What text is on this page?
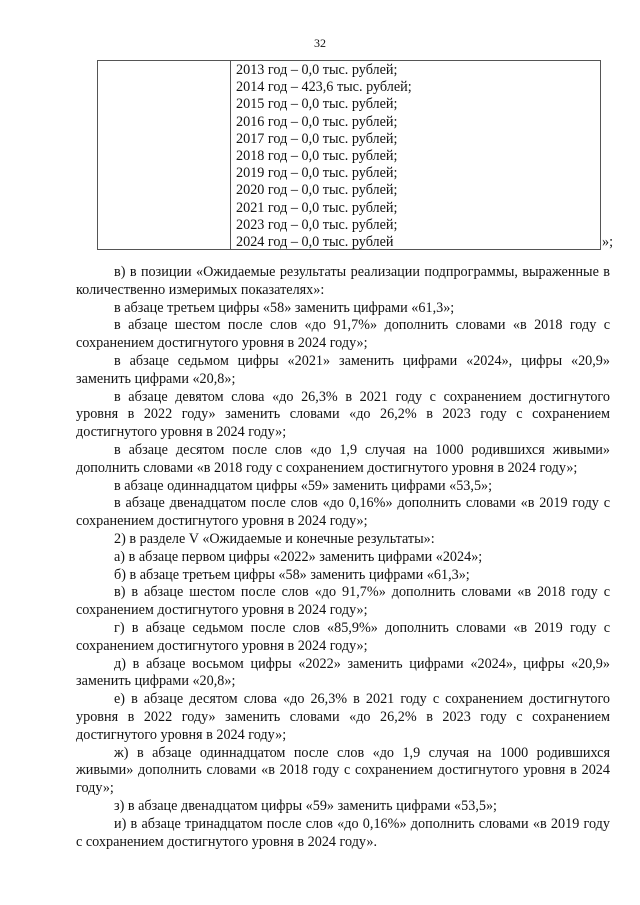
32
2013 год – 0,0 тыс. рублей;
2014 год – 423,6 тыс. рублей;
2015 год – 0,0 тыс. рублей;
2016 год – 0,0 тыс. рублей;
2017 год – 0,0 тыс. рублей;
2018 год – 0,0 тыс. рублей;
2019 год – 0,0 тыс. рублей;
2020 год – 0,0 тыс. рублей;
2021 год – 0,0 тыс. рублей;
2023 год – 0,0 тыс. рублей;
2024 год – 0,0 тыс. рублей	»;

в) в позиции «Ожидаемые результаты реализации подпрограммы, выраженные в количественно измеримых показателях»:

в абзаце третьем цифры «58» заменить цифрами «61,3»;

в абзаце шестом после слов «до 91,7%» дополнить словами «в 2018 году с сохранением достигнутого уровня в 2024 году»;

в абзаце седьмом цифры «2021» заменить цифрами «2024», цифры «20,9» заменить цифрами «20,8»;

в абзаце девятом слова «до 26,3% в 2021 году с сохранением достигнутого уровня в 2022 году» заменить словами «до 26,2% в 2023 году с сохранением достигнутого уровня в 2024 году»;

в абзаце десятом после слов «до 1,9 случая на 1000 родившихся живыми» дополнить словами «в 2018 году с сохранением достигнутого уровня в 2024 году»;

в абзаце одиннадцатом цифры «59» заменить цифрами «53,5»;

в абзаце двенадцатом после слов «до 0,16%» дополнить словами «в 2019 году с сохранением достигнутого уровня в 2024 году»;

2) в разделе V «Ожидаемые и конечные результаты»:

а) в абзаце первом цифры «2022» заменить цифрами «2024»;

б) в абзаце третьем цифры «58» заменить цифрами «61,3»;

в) в абзаце шестом после слов «до 91,7%» дополнить словами «в 2018 году с сохранением достигнутого уровня в 2024 году»;

г) в абзаце седьмом после слов «85,9%» дополнить словами «в 2019 году с сохранением достигнутого уровня в 2024 году»;

д) в абзаце восьмом цифры «2022» заменить цифрами «2024», цифры «20,9» заменить цифрами «20,8»;

е) в абзаце десятом слова «до 26,3% в 2021 году с сохранением достигнутого уровня в 2022 году» заменить словами «до 26,2% в 2023 году с сохранением достигнутого уровня в 2024 году»;

ж) в абзаце одиннадцатом после слов «до 1,9 случая на 1000 родившихся живыми» дополнить словами «в 2018 году с сохранением достигнутого уровня в 2024 году»;

з) в абзаце двенадцатом цифры «59» заменить цифрами «53,5»;

и) в абзаце тринадцатом после слов «до 0,16%» дополнить словами «в 2019 году с сохранением достигнутого уровня в 2024 году».
